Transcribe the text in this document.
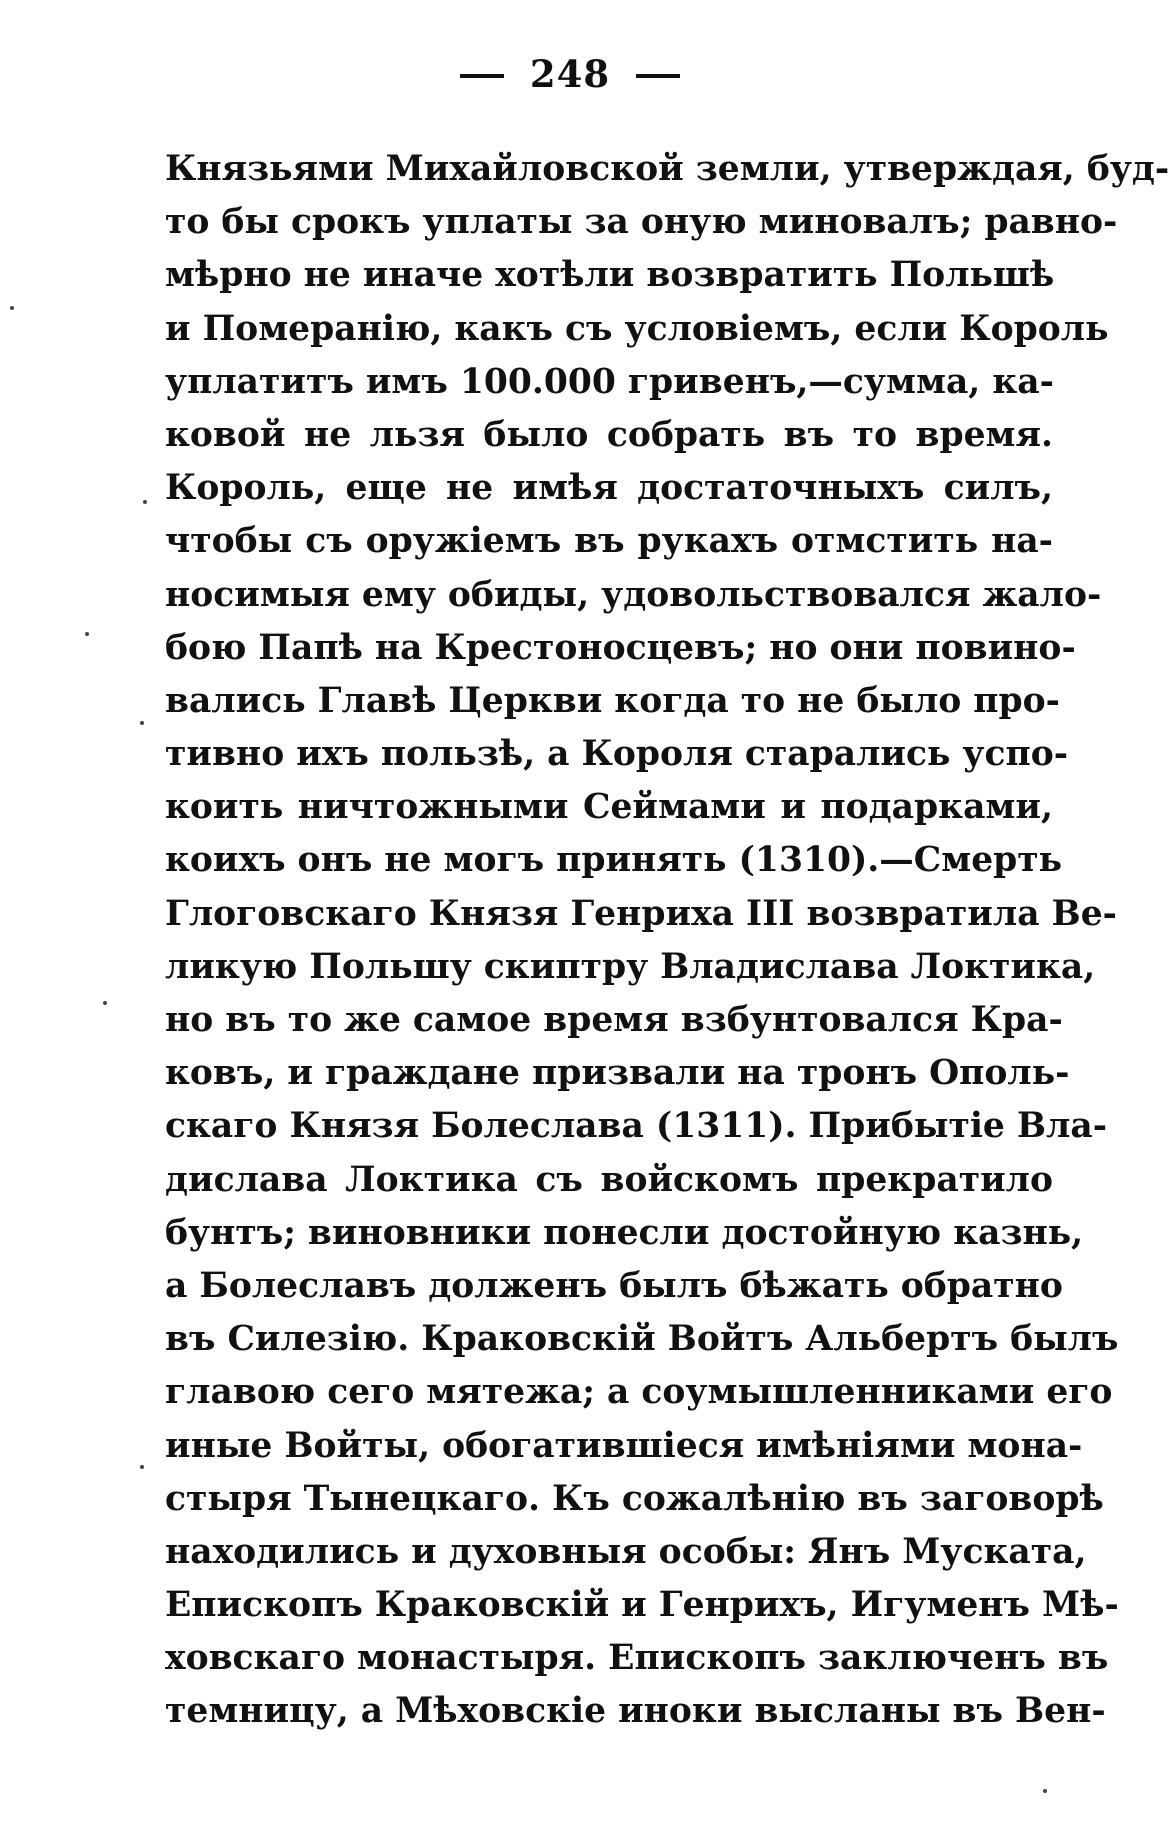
248
Князьями Михайловской земли, утверждая, буд-
то бы срокъ уплаты за оную миновалъ; равно-
мѣрно не иначе хотѣли возвратить Польшѣ
и Померанію, какъ съ условіемъ, если Король
уплатитъ имъ 100.000 гривенъ,—сумма, ка-
ковой не льзя было собрать въ то время.
Король, еще не имѣя достаточныхъ силъ,
чтобы съ оружіемъ въ рукахъ отмстить на-
носимыя ему обиды, удовольствовался жало-
бою Папѣ на Крестоносцевъ; но они повино-
вались Главѣ Церкви когда то не было про-
тивно ихъ пользѣ, а Короля старались успо-
коить ничтожными Сеймами и подарками,
коихъ онъ не могъ принять (1310).—Смерть
Глоговскаго Князя Генриха III возвратила Ве-
ликую Польшу скиптру Владислава Локтика,
но въ то же самое время взбунтовался Кра-
ковъ, и граждане призвали на тронъ Ополь-
скаго Князя Болеслава (1311). Прибытіе Вла-
дислава Локтика съ войскомъ прекратило
бунтъ; виновники понесли достойную казнь,
а Болеславъ долженъ былъ бѣжать обратно
въ Силезію. Краковскій Войтъ Альбертъ былъ
главою сего мятежа; а соумышленниками его
иные Войты, обогатившіеся имѣніями мона-
стыря Тынецкаго. Къ сожалѣнію въ заговорѣ
находились и духовныя особы: Янъ Муската,
Епископъ Краковскій и Генрихъ, Игуменъ Мѣ-
ховскаго монастыря. Епископъ заключенъ въ
темницу, а Мѣховскіе иноки высланы въ Вен-
